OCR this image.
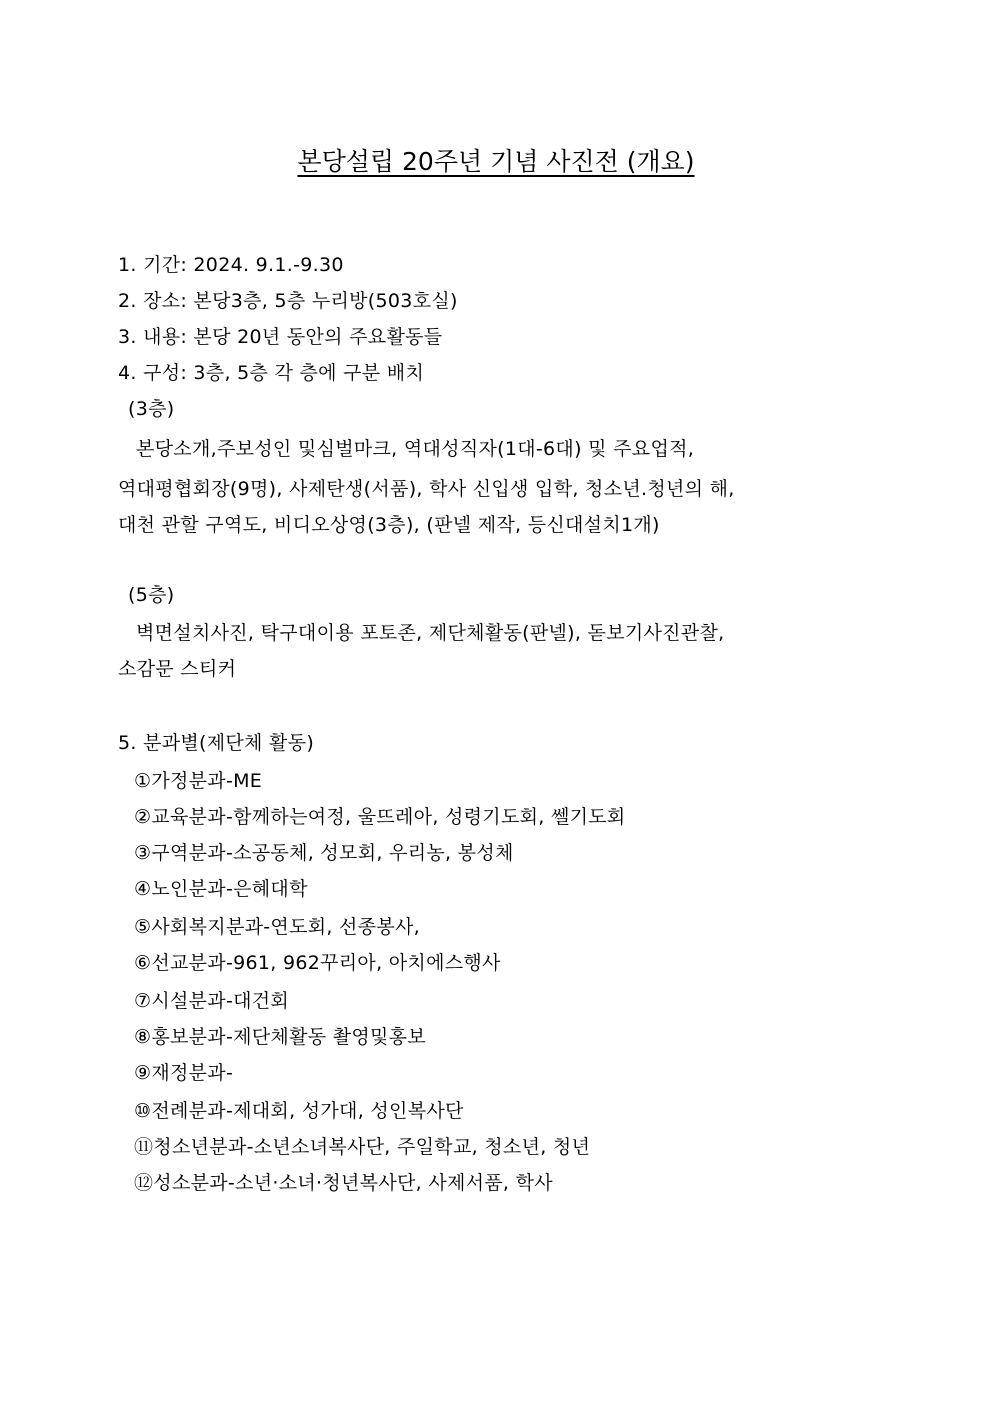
본당설립 20주년 기념 사진전 (개요)
1. 기간: 2024. 9.1.-9.30
2. 장소: 본당3층, 5층 누리방(503호실)
3. 내용: 본당 20년 동안의 주요활동들
4. 구성: 3층, 5층 각 층에 구분 배치
(3층)
본당소개,주보성인 및심벌마크, 역대성직자(1대-6대) 및 주요업적,
역대평협회장(9명), 사제탄생(서품), 학사 신입생 입학, 청소년.청년의 해,
대천 관할 구역도, 비디오상영(3층), (판넬 제작, 등신대설치1개)
(5층)
벽면설치사진, 탁구대이용 포토존, 제단체활동(판넬), 돋보기사진관찰,
소감문 스티커
5. 분과별(제단체 활동)
①가정분과-ME
②교육분과-함께하는여정, 울뜨레아, 성령기도회, 쎌기도회
③구역분과-소공동체, 성모회, 우리농, 봉성체
④노인분과-은혜대학
⑤사회복지분과-연도회, 선종봉사,
⑥선교분과-961, 962꾸리아, 아치에스행사
⑦시설분과-대건회
⑧홍보분과-제단체활동 촬영및홍보
⑨재정분과-
⑩전례분과-제대회, 성가대, 성인복사단
⑪청소년분과-소년소녀복사단, 주일학교, 청소년, 청년
⑫성소분과-소년·소녀·청년복사단, 사제서품, 학사
